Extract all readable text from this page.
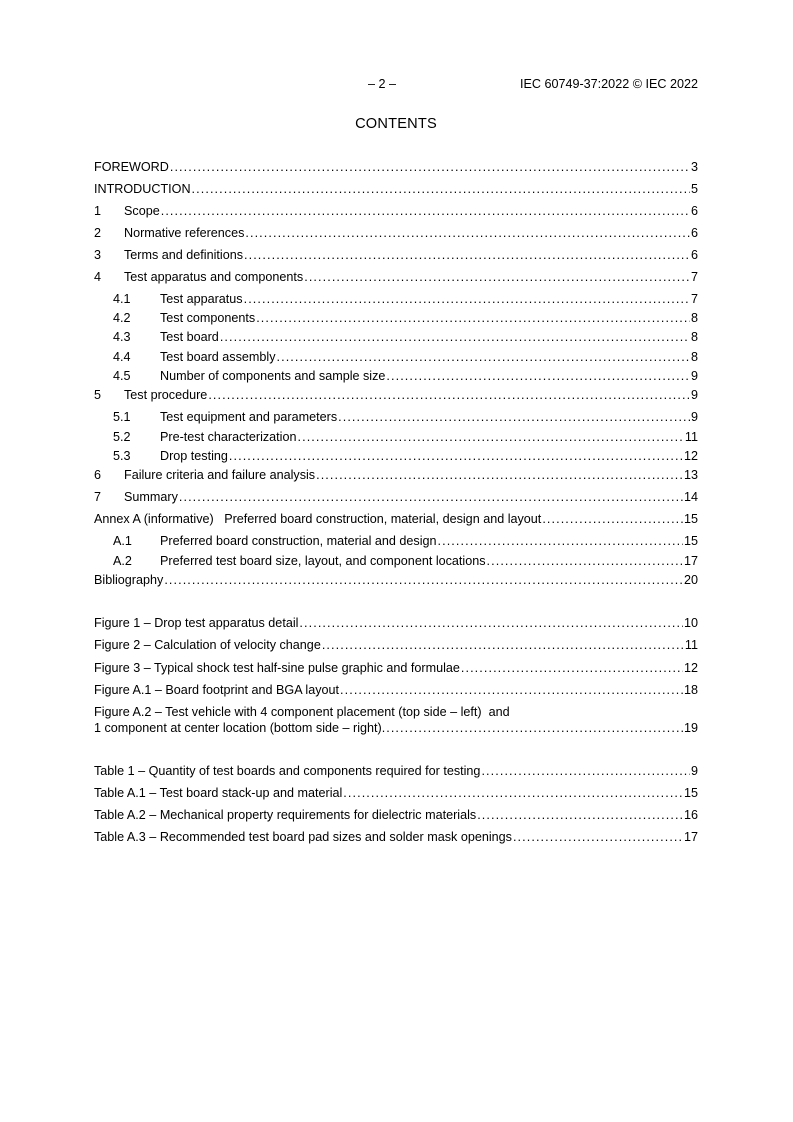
– 2 –	IEC 60749-37:2022 © IEC 2022
CONTENTS
FOREWORD .....	3
INTRODUCTION .....	5
1	Scope .....	6
2	Normative references .....	6
3	Terms and definitions .....	6
4	Test apparatus and components .....	7
4.1	Test apparatus .....	7
4.2	Test components .....	8
4.3	Test board .....	8
4.4	Test board assembly .....	8
4.5	Number of components and sample size .....	9
5	Test procedure .....	9
5.1	Test equipment and parameters .....	9
5.2	Pre-test characterization .....	11
5.3	Drop testing .....	12
6	Failure criteria and failure analysis .....	13
7	Summary .....	14
Annex A (informative)   Preferred board construction, material, design and layout .....	15
A.1	Preferred board construction, material and design .....	15
A.2	Preferred test board size, layout, and component locations .....	17
Bibliography .....	20
Figure 1 – Drop test apparatus detail .....	10
Figure 2 – Calculation of velocity change .....	11
Figure 3 – Typical shock test half-sine pulse graphic and formulae .....	12
Figure A.1 – Board footprint and BGA layout .....	18
Figure A.2 – Test vehicle with 4 component placement (top side – left)  and
1 component at center location (bottom side – right). .....	19
Table 1 – Quantity of test boards and components required for testing .....	9
Table A.1 – Test board stack-up and material .....	15
Table A.2 – Mechanical property requirements for dielectric materials .....	16
Table A.3 – Recommended test board pad sizes and solder mask openings .....	17
